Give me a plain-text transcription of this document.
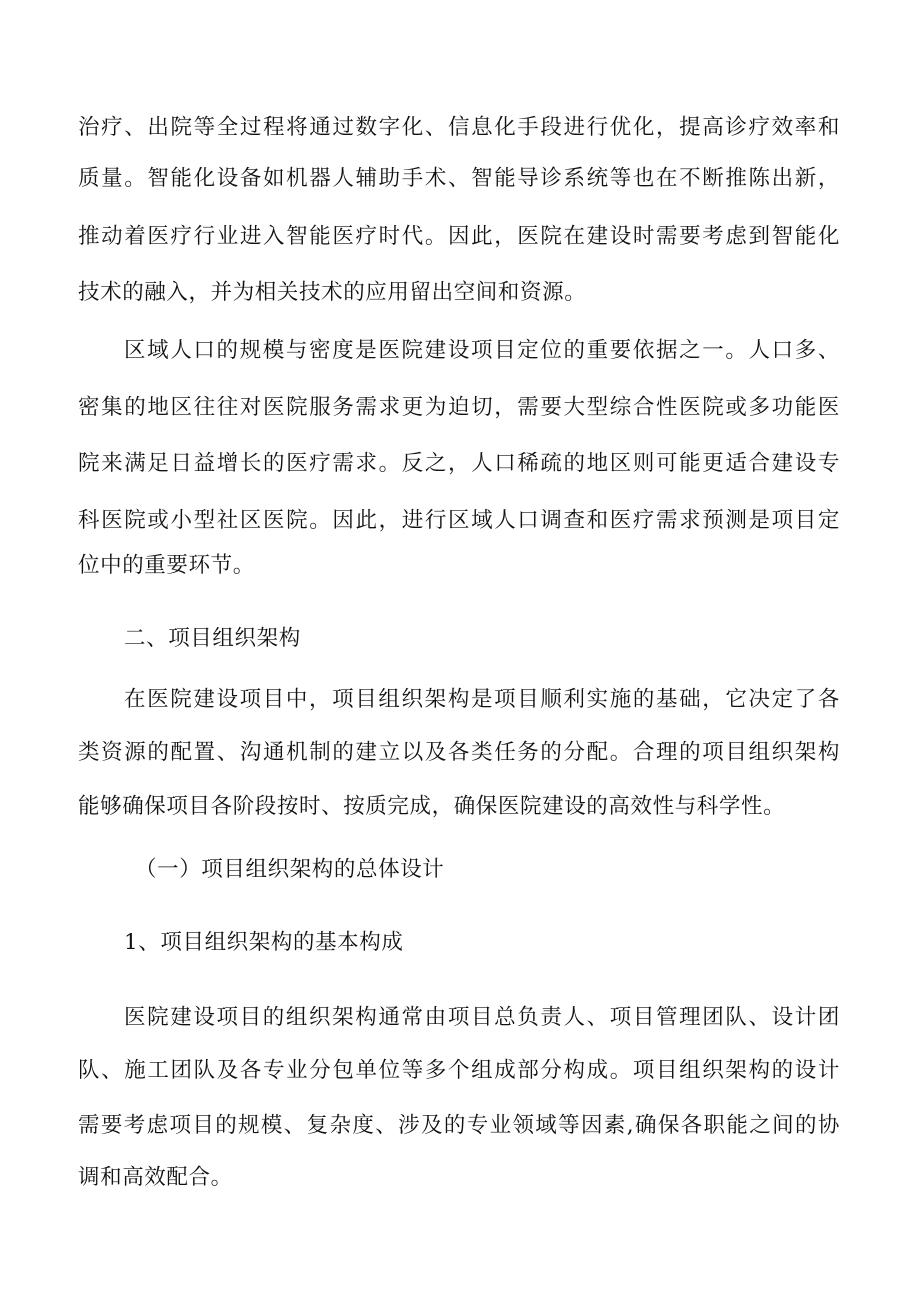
治疗、出院等全过程将通过数字化、信息化手段进行优化，提高诊疗效率和
质量。智能化设备如机器人辅助手术、智能导诊系统等也在不断推陈出新，
推动着医疗行业进入智能医疗时代。因此，医院在建设时需要考虑到智能化
技术的融入，并为相关技术的应用留出空间和资源。
区域人口的规模与密度是医院建设项目定位的重要依据之一。人口多、
密集的地区往往对医院服务需求更为迫切，需要大型综合性医院或多功能医
院来满足日益增长的医疗需求。反之，人口稀疏的地区则可能更适合建设专
科医院或小型社区医院。因此，进行区域人口调查和医疗需求预测是项目定
位中的重要环节。
二、项目组织架构
在医院建设项目中，项目组织架构是项目顺利实施的基础，它决定了各
类资源的配置、沟通机制的建立以及各类任务的分配。合理的项目组织架构
能够确保项目各阶段按时、按质完成，确保医院建设的高效性与科学性。
（一）项目组织架构的总体设计
1、项目组织架构的基本构成
医院建设项目的组织架构通常由项目总负责人、项目管理团队、设计团
队、施工团队及各专业分包单位等多个组成部分构成。项目组织架构的设计
需要考虑项目的规模、复杂度、涉及的专业领域等因素,确保各职能之间的协
调和高效配合。
